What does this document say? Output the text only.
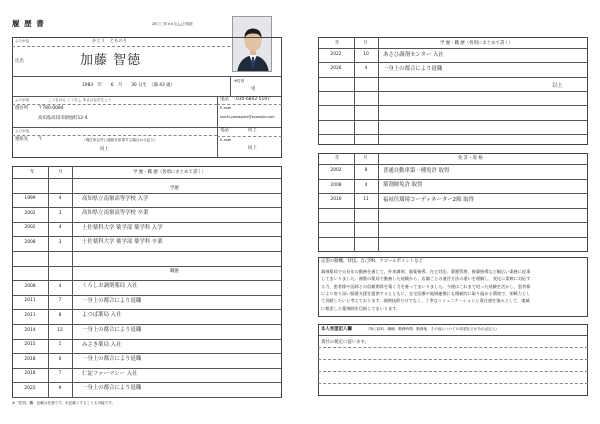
履 歴 書	20〇〇年××月△△日現在
ふりがな	かとう　とものり
氏名	加藤 智徳
1983　年　　6　月　　30 日生　（満 43 歳）
※性別
男
ふりがな	こうちけん こうちし あさひなだちょう
現住所 〒780-0084
高知県高知市朝旭町12-4
電話 030-6842-5197
E-mail
koichi.yamagishi@example.com
ふりがな
連絡先 〒	（現住所以外に連絡を希望する場合のみ記入）
同上
電話	同上
E-mail
同上
1999	4	高知県立南嶺高等学校 入学
2002	3	高知県立南嶺高等学校 卒業
2002	4	土佐薬科大学 薬学部 薬学科 入学
2008	3	土佐薬科大学 薬学部 薬学科 卒業
2008	4	くろしお調剤薬局 入社
2011	7	一身上の都合により退職
2011	8	よつば薬局 入社
2014	12	一身上の都合により退職
2015	1	みさき薬局 入社
2018	6	一身上の都合により退職
2018	7	仁淀ファーマシー 入社
2022	9	一身上の都合により退職
年	月	学 歴・職 歴（各別にまとめて書く）
学歴
職歴
※「性別」欄：記載は任意です。未記載とすることも可能です。
2022	10	あさひ調剤センター 入社
2026	4	一身上の都合により退職
年	月	学 歴・職 歴（各別にまとめて書く）
以上
2002	8	普通自動車第一種免許 取得
2008	4	薬剤師免許 取得
2016	11	福祉住環境コーディネーター2級 取得
年	月	免 許・資 格
志望の動機、特技、自己PR、アピールポイントなど
調剤薬局での長年の勤務を通じて、外来調剤、服薬指導、在宅対応、薬歴管理、後輩指導など幅広い業務に従事
してまいりました。複数の薬局で勤務した経験から、店舗ごとの運営方法の違いを理解し、変化に柔軟に対応す
る力、患者様や医師との信頼関係を築く力を養ってまいりました。今後はこれまで培った経験を活かし、患者様
により寄り添い服薬支援を提供するとともに、在宅医療や地域連携にも積極的に取り組める環境で、即戦力とし
て貢献したいと考えております。調剤技術だけでなく、丁寧なコミュニケーションと責任感を強みとして、地域
に根差した薬剤師を目指してまいります。
本人希望記入欄	（特に給料、職種、勤務時間、勤務地、その他についての希望などがあれば記入）
貴社の規定に従います。
